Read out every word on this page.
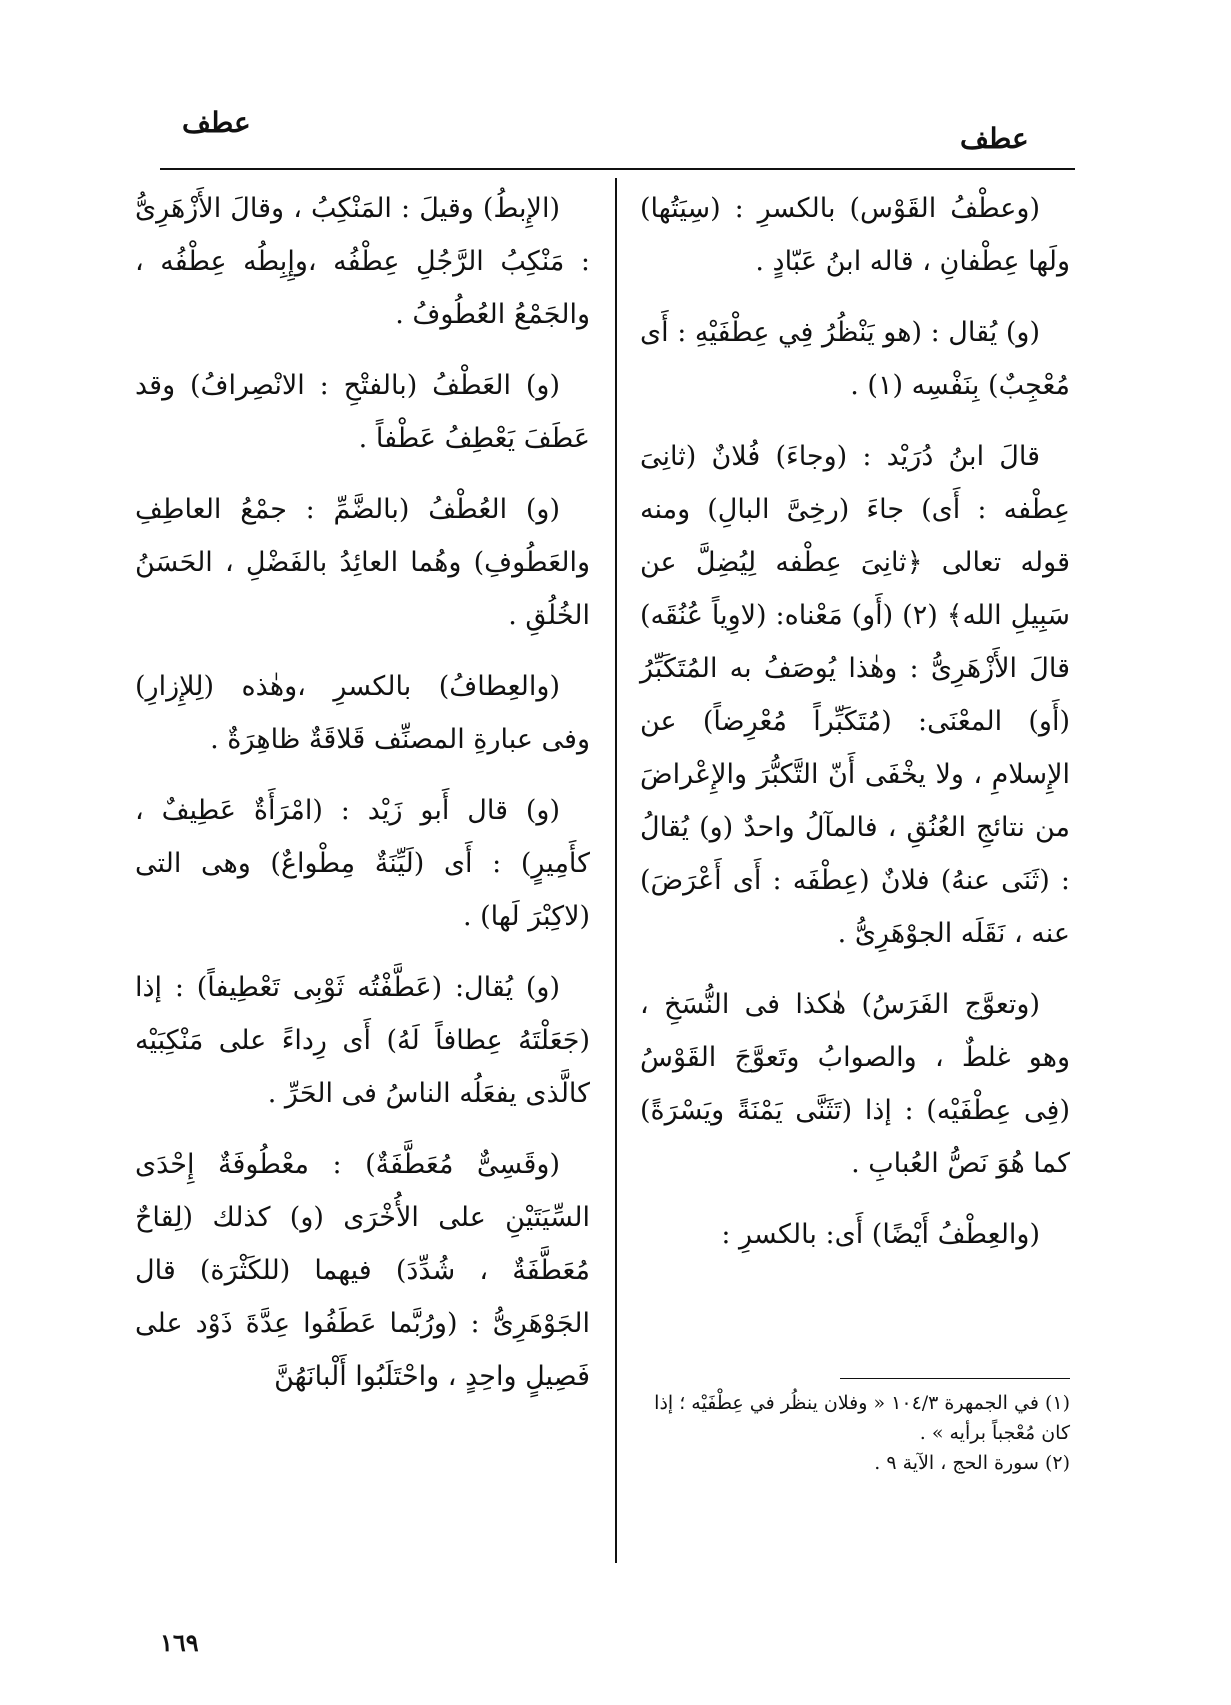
عطف	عطف

(وعطْفُ القَوْس) بالكسرِ : (سِيَتُها) ولَها عِطْفانِ ، قاله ابنُ عَبّادٍ .

(و) يُقال : (هو يَنْظُرُ فِي عِطْفَيْهِ : أَى مُعْجِبٌ) بِنَفْسِه (١) .

قالَ ابنُ دُرَيْد : (وجاءَ) فُلانٌ (ثانِىَ عِطْفه : أَى) جاءَ (رخِىَّ البالِ) ومنه قوله تعالى ﴿ثانِىَ عِطْفه لِيُضِلَّ عن سَبِيلِ الله﴾ (٢) (أَو) مَعْناه: (لاوِياً عُنُقَه) قالَ الأَزْهَرِىُّ : وهٰذا يُوصَفُ به المُتَكَبِّرُ (أَو) المعْنَى: (مُتَكَبِّراً مُعْرِضاً) عن الإِسلامِ ، ولا يخْفَى أَنّ التَّكبُّرَ والإِعْراضَ من نتائجِ العُنُقِ ، فالمآلُ واحدٌ (و) يُقالُ : (ثَنَى عنهُ) فلانٌ (عِطْفَه : أَى أَعْرَضَ) عنه ، نَقَلَه الجوْهَرِىُّ .

(وتعوَّج الفَرَسُ) هٰكذا فى النُّسَخِ ، وهو غلطٌ ، والصوابُ وتَعوَّجَ القَوْسُ (فِى عِطْفَيْه) : إذا (تَثَنَّى يَمْنَةً ويَسْرَةً) كما هُوَ نَصُّ العُبابِ .

(والعِطْفُ أَيْضًا) أَى: بالكسرِ :

(الإِبطُ) وقيلَ : المَنْكِبُ ، وقالَ الأَزْهَرِىُّ : مَنْكِبُ الرَّجُلِ عِطْفُه ،وإِبِطُه عِطْفُه ، والجَمْعُ العُطُوفُ .

(و) العَطْفُ (بالفتْحِ : الانْصِرافُ) وقد عَطَفَ يَعْطِفُ عَطْفاً .

(و) العُطْفُ (بالضَّمِّ : جمْعُ العاطِفِ والعَطُوفِ) وهُما العائِدُ بالفَضْلِ ، الحَسَنُ الخُلُقِ .

(والعِطافُ) بالكسرِ ،وهٰذه (لِلإِزارِ) وفى عبارةِ المصنِّف قَلاقَةٌ ظاهِرَةٌ .

(و) قال أَبو زَيْد : (امْرَأَةٌ عَطِيفٌ ، كأَمِيرٍ) : أَى (لَيِّنَةٌ مِطْواعٌ) وهى التى (لاكِبْرَ لَها) .

(و) يُقال: (عَطَّفْتُه ثَوْبِى تَعْطِيفاً) : إذا (جَعَلْتَهُ عِطافاً لَهُ) أَى رِداءً على مَنْكِبَيْه كالَّذى يفعَلُه الناسُ فى الحَرِّ .

(وقَسِىٌّ مُعَطَّفَةٌ) : معْطُوفَةٌ إِحْدَى السِّيَتَيْنِ على الأُخْرَى (و) كذلك (لِقاحٌ مُعَطَّفَةٌ ، شُدِّدَ) فيهما (للكَثْرَة) قال الجَوْهَرِىُّ : (ورُبَّما عَطَفُوا عِدَّةَ ذَوْد على فَصِيلٍ واحِدٍ ، واحْتَلَبُوا أَلْبانَهُنَّ

(١) في الجمهرة ١٠٤/٣ « وفلان ينظُر في عِطْفَيْه ؛ إذا كان مُعْجباً برأيه » .

(٢) سورة الحج ، الآية ٩ .

١٦٩
